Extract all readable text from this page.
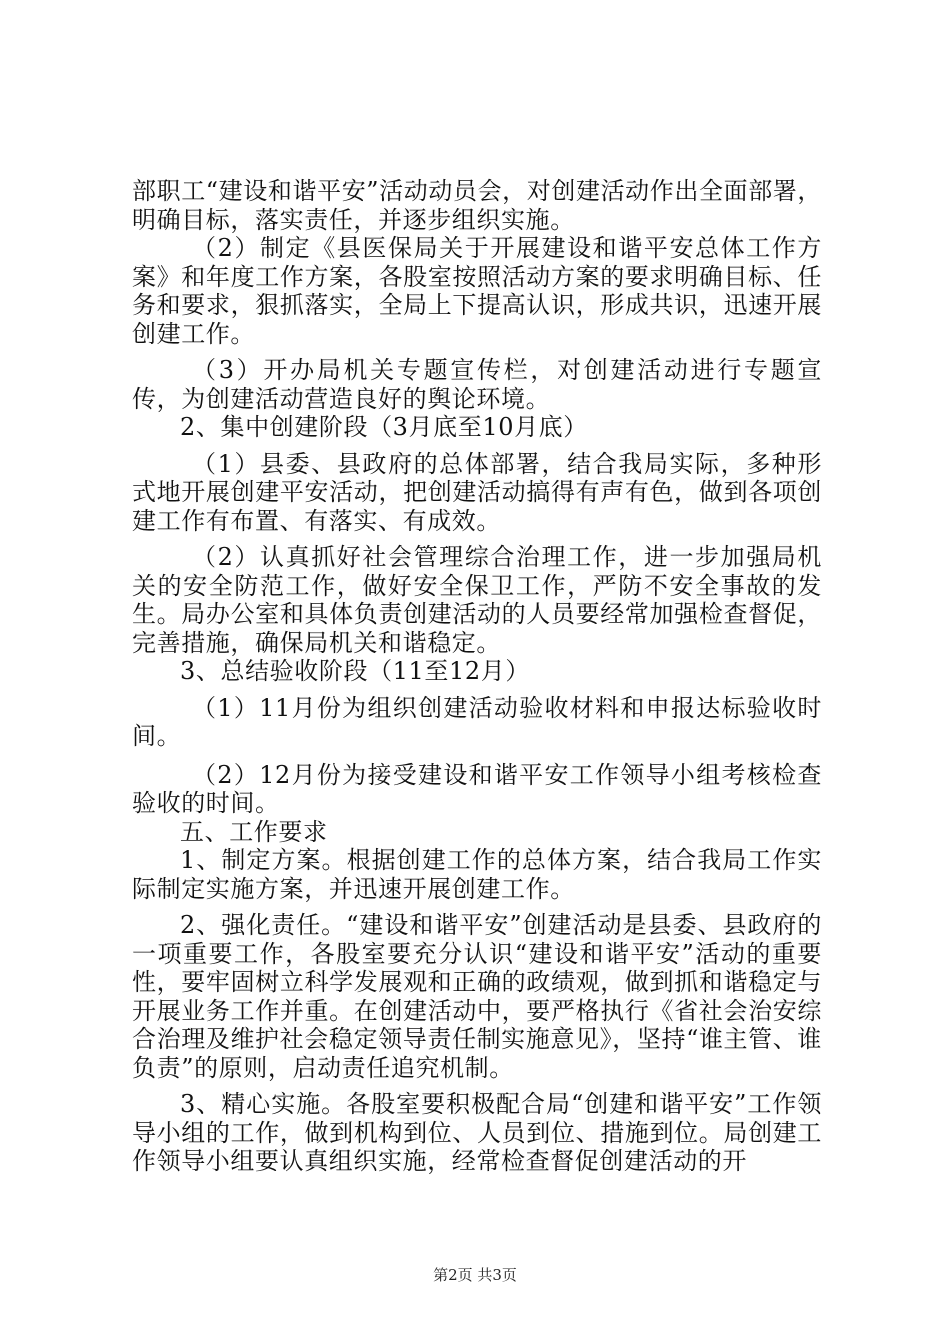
部职工“建设和谐平安”活动动员会，对创建活动作出全面部署，明确目标，落实责任，并逐步组织实施。

（2）制定《县医保局关于开展建设和谐平安总体工作方案》和年度工作方案，各股室按照活动方案的要求明确目标、任务和要求，狠抓落实，全局上下提高认识，形成共识，迅速开展创建工作。

（3）开办局机关专题宣传栏，对创建活动进行专题宣传，为创建活动营造良好的舆论环境。

2、集中创建阶段（3月底至10月底）

（1）县委、县政府的总体部署，结合我局实际，多种形式地开展创建平安活动，把创建活动搞得有声有色，做到各项创建工作有布置、有落实、有成效。

（2）认真抓好社会管理综合治理工作，进一步加强局机关的安全防范工作，做好安全保卫工作，严防不安全事故的发生。局办公室和具体负责创建活动的人员要经常加强检查督促，完善措施，确保局机关和谐稳定。

3、总结验收阶段（11至12月）

（1）11月份为组织创建活动验收材料和申报达标验收时间。

（2）12月份为接受建设和谐平安工作领导小组考核检查验收的时间。

五、工作要求

1、制定方案。根据创建工作的总体方案，结合我局工作实际制定实施方案，并迅速开展创建工作。

2、强化责任。“建设和谐平安”创建活动是县委、县政府的一项重要工作，各股室要充分认识“建设和谐平安”活动的重要性，要牢固树立科学发展观和正确的政绩观，做到抓和谐稳定与开展业务工作并重。在创建活动中，要严格执行《省社会治安综合治理及维护社会稳定领导责任制实施意见》，坚持“谁主管、谁负责”的原则，启动责任追究机制。

3、精心实施。各股室要积极配合局“创建和谐平安”工作领导小组的工作，做到机构到位、人员到位、措施到位。局创建工作领导小组要认真组织实施，经常检查督促创建活动的开

第2页 共3页
